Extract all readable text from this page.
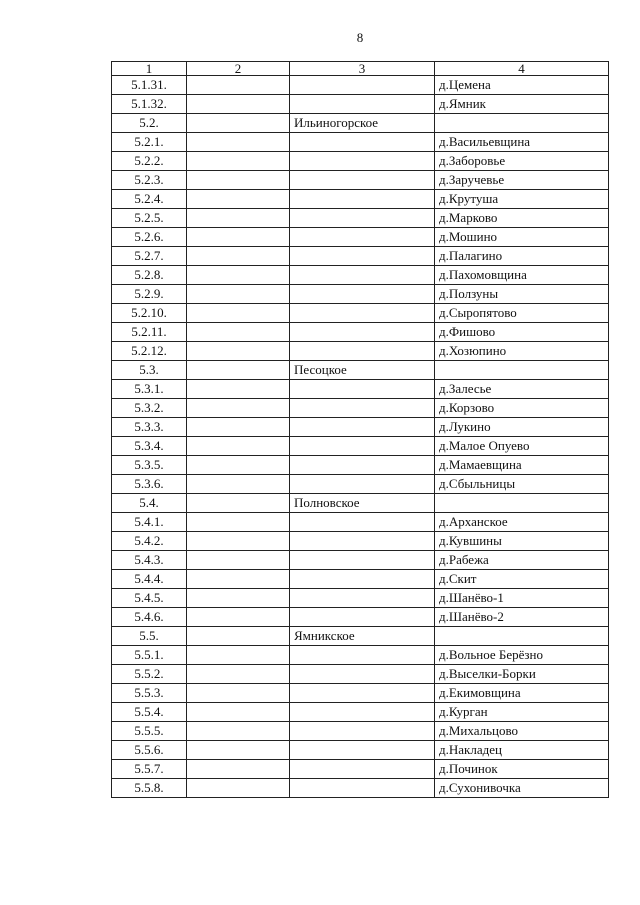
8
1	2	3	4
5.1.31.			д.Цемена
5.1.32.			д.Ямник
5.2.		Ильиногорское	
5.2.1.			д.Васильевщина
5.2.2.			д.Заборовье
5.2.3.			д.Заручевье
5.2.4.			д.Крутуша
5.2.5.			д.Марково
5.2.6.			д.Мошино
5.2.7.			д.Палагино
5.2.8.			д.Пахомовщина
5.2.9.			д.Ползуны
5.2.10.			д.Сыропятово
5.2.11.			д.Фишово
5.2.12.			д.Хозюпино
5.3.		Песоцкое	
5.3.1.			д.Залесье
5.3.2.			д.Корзово
5.3.3.			д.Лукино
5.3.4.			д.Малое Опуево
5.3.5.			д.Мамаевщина
5.3.6.			д.Сбыльницы
5.4.		Полновское	
5.4.1.			д.Арханское
5.4.2.			д.Кувшины
5.4.3.			д.Рабежа
5.4.4.			д.Скит
5.4.5.			д.Шанёво-1
5.4.6.			д.Шанёво-2
5.5.		Ямникское	
5.5.1.			д.Вольное Берёзно
5.5.2.			д.Выселки-Борки
5.5.3.			д.Екимовщина
5.5.4.			д.Курган
5.5.5.			д.Михальцово
5.5.6.			д.Накладец
5.5.7.			д.Починок
5.5.8.			д.Сухонивочка
